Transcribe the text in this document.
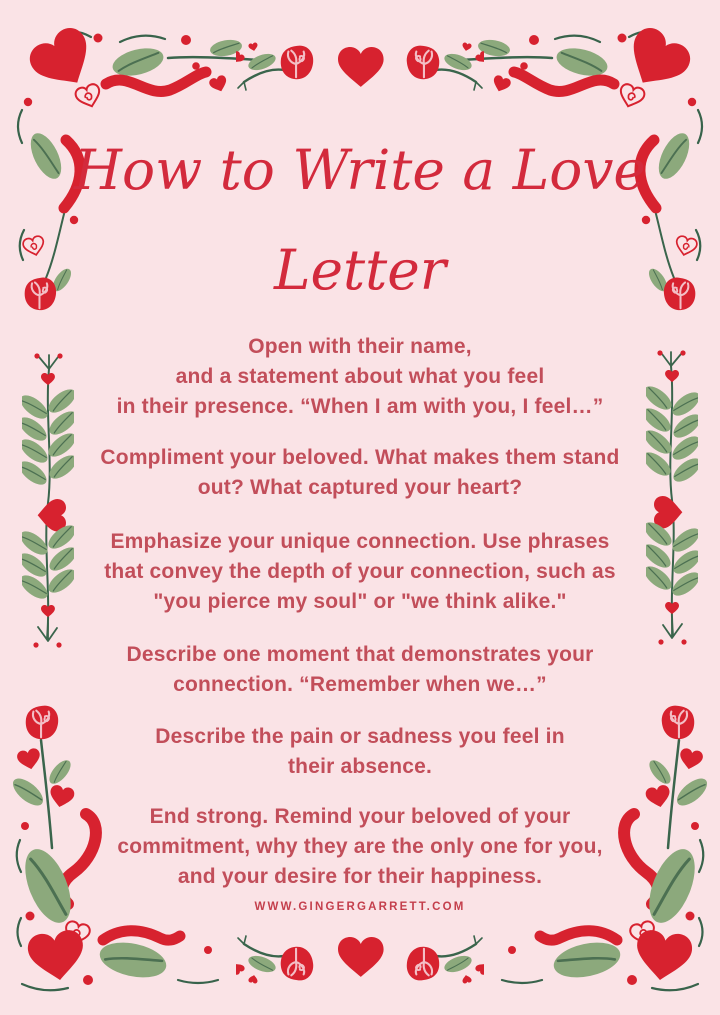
How to Write a Love
Letter
Open with their name,
and a statement about what you feel
in their presence. “When I am with you, I feel…”
Compliment your beloved. What makes them stand
out? What captured your heart?
Emphasize your unique connection. Use phrases
that convey the depth of your connection, such as
"you pierce my soul" or "we think alike."
Describe one moment that demonstrates your
connection. “Remember when we…”
Describe the pain or sadness you feel in
their absence.
End strong. Remind your beloved of your
commitment, why they are the only one for you,
and your desire for their happiness.
WWW.GINGERGARRETT.COM
